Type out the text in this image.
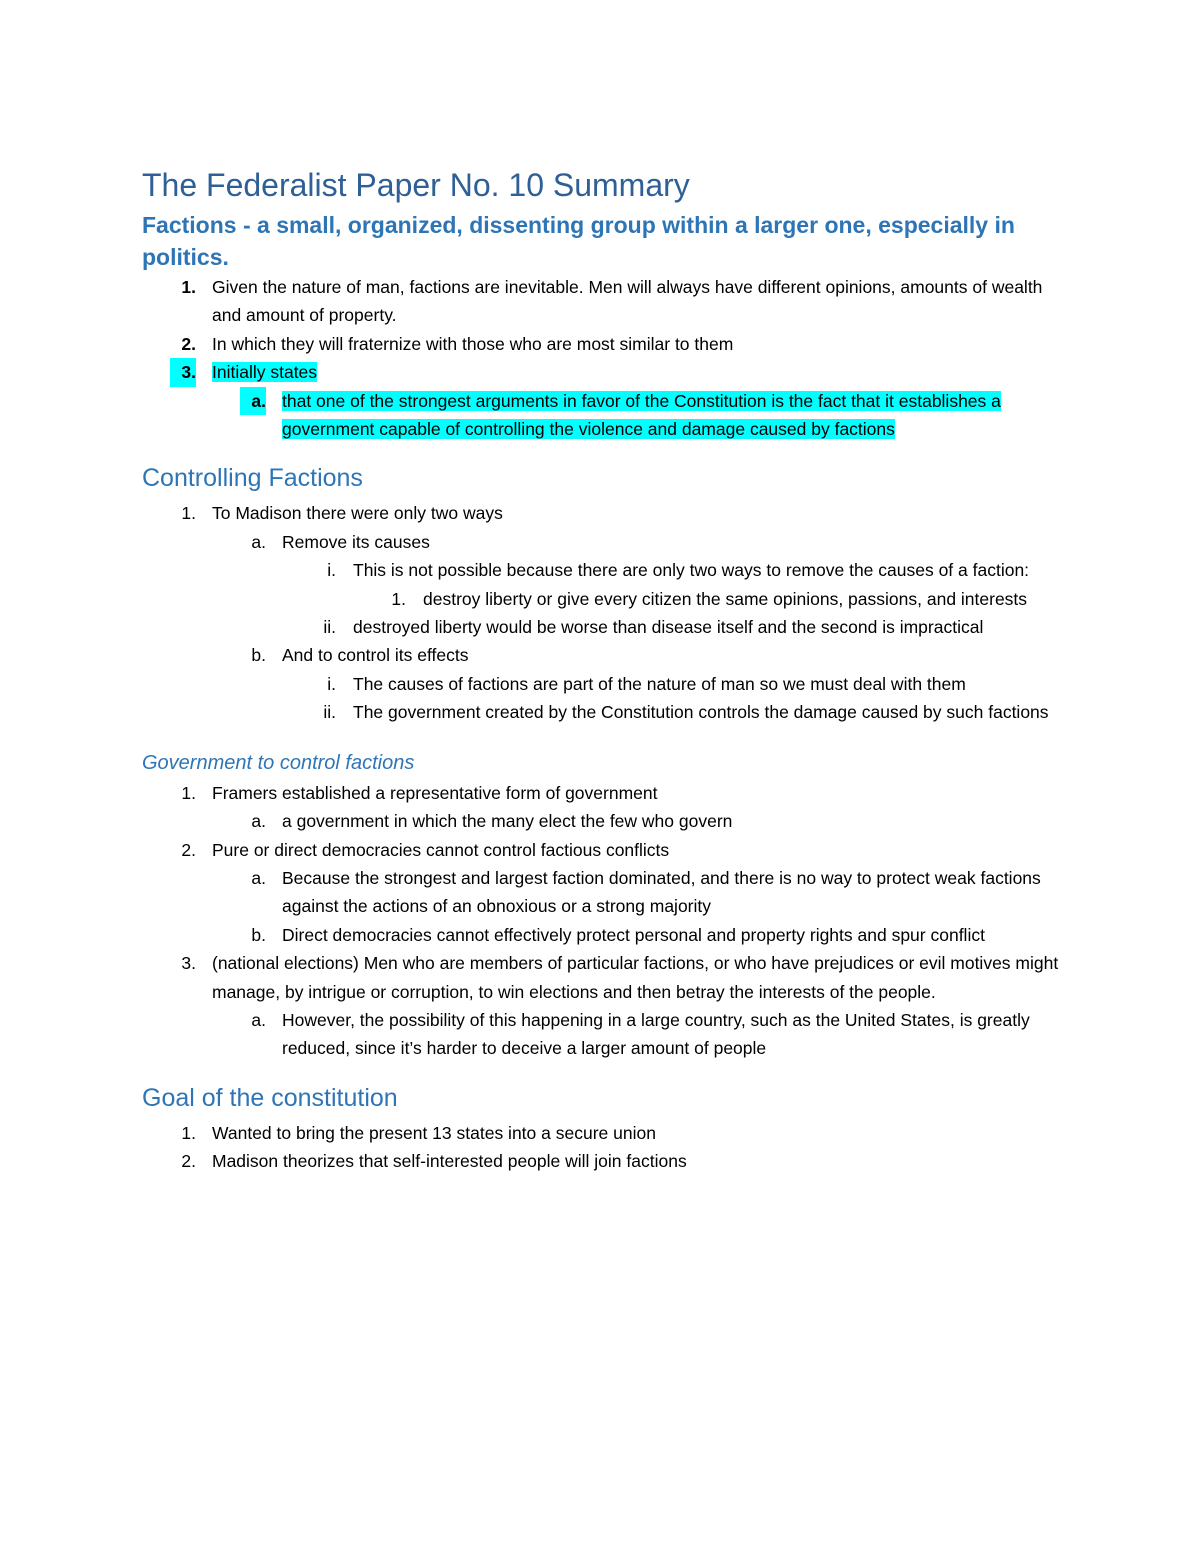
The Federalist Paper No. 10 Summary
Factions - a small, organized, dissenting group within a larger one, especially in politics.
1. Given the nature of man, factions are inevitable. Men will always have different opinions, amounts of wealth and amount of property.
2. In which they will fraternize with those who are most similar to them
3. Initially states
a. that one of the strongest arguments in favor of the Constitution is the fact that it establishes a government capable of controlling the violence and damage caused by factions
Controlling Factions
1. To Madison there were only two ways
a. Remove its causes
i. This is not possible because there are only two ways to remove the causes of a faction:
1. destroy liberty or give every citizen the same opinions, passions, and interests
ii. destroyed liberty would be worse than disease itself and the second is impractical
b. And to control its effects
i. The causes of factions are part of the nature of man so we must deal with them
ii. The government created by the Constitution controls the damage caused by such factions
Government to control factions
1. Framers established a representative form of government
a. a government in which the many elect the few who govern
2. Pure or direct democracies cannot control factious conflicts
a. Because the strongest and largest faction dominated, and there is no way to protect weak factions against the actions of an obnoxious or a strong majority
b. Direct democracies cannot effectively protect personal and property rights and spur conflict
3. (national elections) Men who are members of particular factions, or who have prejudices or evil motives might manage, by intrigue or corruption, to win elections and then betray the interests of the people.
a. However, the possibility of this happening in a large country, such as the United States, is greatly reduced, since it’s harder to deceive a larger amount of people
Goal of the constitution
1. Wanted to bring the present 13 states into a secure union
2. Madison theorizes that self-interested people will join factions
